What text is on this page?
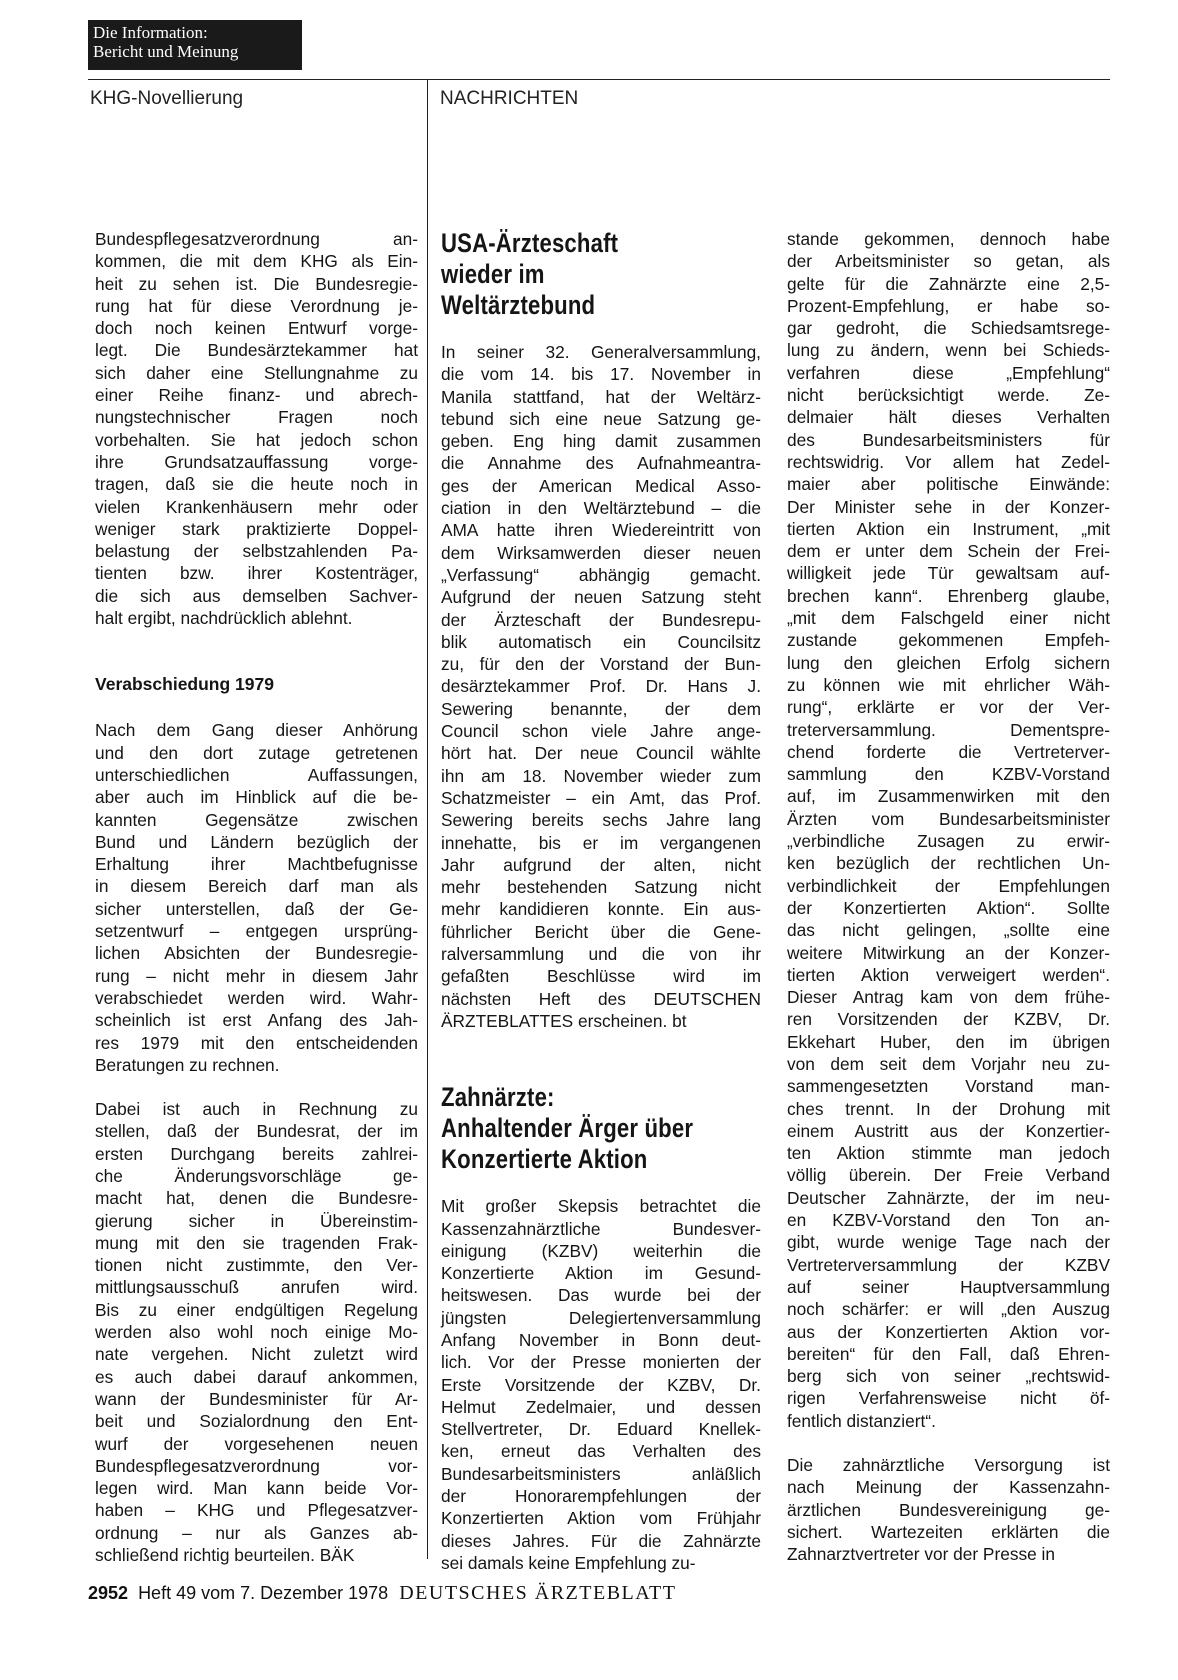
Die Information:
Bericht und Meinung
KHG-Novellierung	NACHRICHTEN

Bundespflegesatzverordnung an-
kommen, die mit dem KHG als Ein-
heit zu sehen ist. Die Bundesregie-
rung hat für diese Verordnung je-
doch noch keinen Entwurf vorge-
legt. Die Bundesärztekammer hat
sich daher eine Stellungnahme zu
einer Reihe finanz- und abrech-
nungstechnischer Fragen noch
vorbehalten. Sie hat jedoch schon
ihre Grundsatzauffassung vorge-
tragen, daß sie die heute noch in
vielen Krankenhäusern mehr oder
weniger stark praktizierte Doppel-
belastung der selbstzahlenden Pa-
tienten bzw. ihrer Kostenträger,
die sich aus demselben Sachver-
halt ergibt, nachdrücklich ablehnt.

Verabschiedung 1979

Nach dem Gang dieser Anhörung
und den dort zutage getretenen
unterschiedlichen Auffassungen,
aber auch im Hinblick auf die be-
kannten Gegensätze zwischen
Bund und Ländern bezüglich der
Erhaltung ihrer Machtbefugnisse
in diesem Bereich darf man als
sicher unterstellen, daß der Ge-
setzentwurf – entgegen ursprüng-
lichen Absichten der Bundesregie-
rung – nicht mehr in diesem Jahr
verabschiedet werden wird. Wahr-
scheinlich ist erst Anfang des Jah-
res 1979 mit den entscheidenden
Beratungen zu rechnen.

Dabei ist auch in Rechnung zu
stellen, daß der Bundesrat, der im
ersten Durchgang bereits zahlrei-
che Änderungsvorschläge ge-
macht hat, denen die Bundesre-
gierung sicher in Übereinstim-
mung mit den sie tragenden Frak-
tionen nicht zustimmte, den Ver-
mittlungsausschuß anrufen wird.
Bis zu einer endgültigen Regelung
werden also wohl noch einige Mo-
nate vergehen. Nicht zuletzt wird
es auch dabei darauf ankommen,
wann der Bundesminister für Ar-
beit und Sozialordnung den Ent-
wurf der vorgesehenen neuen
Bundespflegesatzverordnung vor-
legen wird. Man kann beide Vor-
haben – KHG und Pflegesatzver-
ordnung – nur als Ganzes ab-
schließend richtig beurteilen. BÄK

USA-Ärzteschaft
wieder im
Weltärztebund

In seiner 32. Generalversammlung,
die vom 14. bis 17. November in
Manila stattfand, hat der Weltärz-
tebund sich eine neue Satzung ge-
geben. Eng hing damit zusammen
die Annahme des Aufnahmeantra-
ges der American Medical Asso-
ciation in den Weltärztebund – die
AMA hatte ihren Wiedereintritt von
dem Wirksamwerden dieser neuen
„Verfassung“ abhängig gemacht.
Aufgrund der neuen Satzung steht
der Ärzteschaft der Bundesrepu-
blik automatisch ein Councilsitz
zu, für den der Vorstand der Bun-
desärztekammer Prof. Dr. Hans J.
Sewering benannte, der dem
Council schon viele Jahre ange-
hört hat. Der neue Council wählte
ihn am 18. November wieder zum
Schatzmeister – ein Amt, das Prof.
Sewering bereits sechs Jahre lang
innehatte, bis er im vergangenen
Jahr aufgrund der alten, nicht
mehr bestehenden Satzung nicht
mehr kandidieren konnte. Ein aus-
führlicher Bericht über die Gene-
ralversammlung und die von ihr
gefaßten Beschlüsse wird im
nächsten Heft des DEUTSCHEN
ÄRZTEBLATTES erscheinen. bt

Zahnärzte:
Anhaltender Ärger über
Konzertierte Aktion

Mit großer Skepsis betrachtet die
Kassenzahnärztliche Bundesver-
einigung (KZBV) weiterhin die
Konzertierte Aktion im Gesund-
heitswesen. Das wurde bei der
jüngsten Delegiertenversammlung
Anfang November in Bonn deut-
lich. Vor der Presse monierten der
Erste Vorsitzende der KZBV, Dr.
Helmut Zedelmaier, und dessen
Stellvertreter, Dr. Eduard Knellek-
ken, erneut das Verhalten des
Bundesarbeitsministers anläßlich
der Honorarempfehlungen der
Konzertierten Aktion vom Frühjahr
dieses Jahres. Für die Zahnärzte
sei damals keine Empfehlung zu-

stande gekommen, dennoch habe
der Arbeitsminister so getan, als
gelte für die Zahnärzte eine 2,5-
Prozent-Empfehlung, er habe so-
gar gedroht, die Schiedsamtsrege-
lung zu ändern, wenn bei Schieds-
verfahren diese „Empfehlung“
nicht berücksichtigt werde. Ze-
delmaier hält dieses Verhalten
des Bundesarbeitsministers für
rechtswidrig. Vor allem hat Zedel-
maier aber politische Einwände:
Der Minister sehe in der Konzer-
tierten Aktion ein Instrument, „mit
dem er unter dem Schein der Frei-
willigkeit jede Tür gewaltsam auf-
brechen kann“. Ehrenberg glaube,
„mit dem Falschgeld einer nicht
zustande gekommenen Empfeh-
lung den gleichen Erfolg sichern
zu können wie mit ehrlicher Wäh-
rung“, erklärte er vor der Ver-
treterversammlung. Dementspre-
chend forderte die Vertreterver-
sammlung den KZBV-Vorstand
auf, im Zusammenwirken mit den
Ärzten vom Bundesarbeitsminister
„verbindliche Zusagen zu erwir-
ken bezüglich der rechtlichen Un-
verbindlichkeit der Empfehlungen
der Konzertierten Aktion“. Sollte
das nicht gelingen, „sollte eine
weitere Mitwirkung an der Konzer-
tierten Aktion verweigert werden“.
Dieser Antrag kam von dem frühe-
ren Vorsitzenden der KZBV, Dr.
Ekkehart Huber, den im übrigen
von dem seit dem Vorjahr neu zu-
sammengesetzten Vorstand man-
ches trennt. In der Drohung mit
einem Austritt aus der Konzertier-
ten Aktion stimmte man jedoch
völlig überein. Der Freie Verband
Deutscher Zahnärzte, der im neu-
en KZBV-Vorstand den Ton an-
gibt, wurde wenige Tage nach der
Vertreterversammlung der KZBV
auf seiner Hauptversammlung
noch schärfer: er will „den Auszug
aus der Konzertierten Aktion vor-
bereiten“ für den Fall, daß Ehren-
berg sich von seiner „rechtswid-
rigen Verfahrensweise nicht öf-
fentlich distanziert“.

Die zahnärztliche Versorgung ist
nach Meinung der Kassenzahn-
ärztlichen Bundesvereinigung ge-
sichert. Wartezeiten erklärten die
Zahnarztvertreter vor der Presse in

2952 Heft 49 vom 7. Dezember 1978 DEUTSCHES ÄRZTEBLATT
